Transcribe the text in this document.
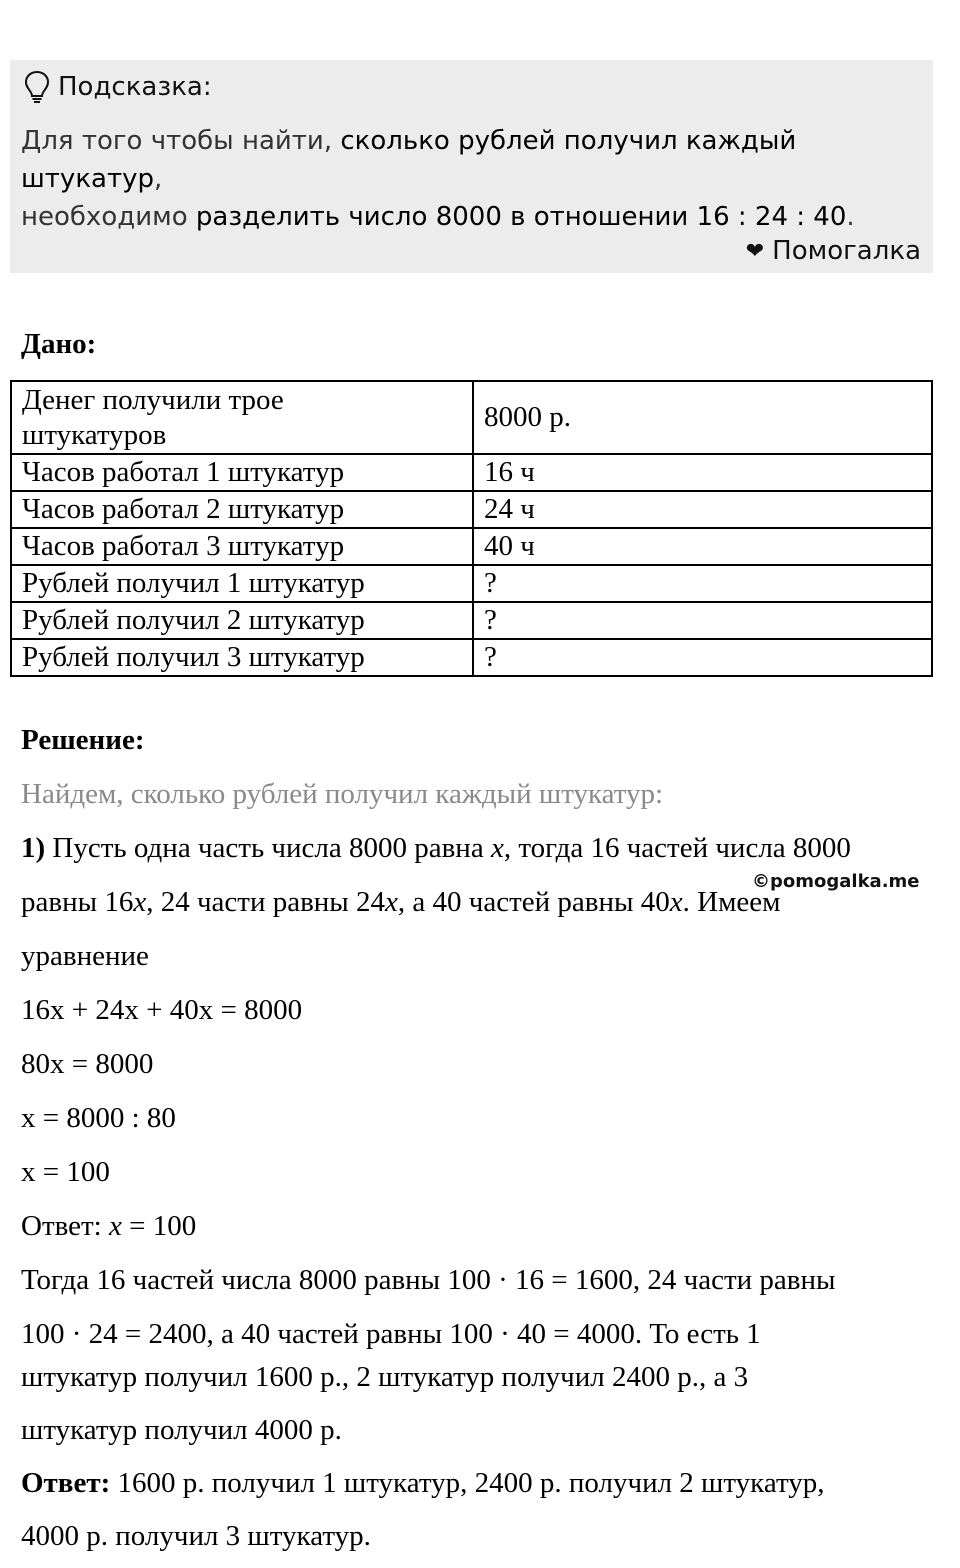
Подсказка:
Для того чтобы найти, сколько рублей получил каждый штукатур,
необходимо разделить число 8000 в отношении 16 : 24 : 40.
❤ Помогалка
Дано:
Денег получили трое
штукатуров	8000 р.
Часов работал 1 штукатур	16 ч
Часов работал 2 штукатур	24 ч
Часов работал 3 штукатур	40 ч
Рублей получил 1 штукатур	?
Рублей получил 2 штукатур	?
Рублей получил 3 штукатур	?
Решение:
Найдем, сколько рублей получил каждый штукатур:
1) Пусть одна часть числа 8000 равна x, тогда 16 частей числа 8000
©pomogalka.me
равны 16x, 24 части равны 24x, а 40 частей равны 40x. Имеем
уравнение
16x + 24x + 40x = 8000
80x = 8000
x = 8000 : 80
x = 100
Ответ: x = 100
Тогда 16 частей числа 8000 равны 100 · 16 = 1600, 24 части равны
100 · 24 = 2400, а 40 частей равны 100 · 40 = 4000. То есть 1
штукатур получил 1600 р., 2 штукатур получил 2400 р., а 3
штукатур получил 4000 р.
Ответ: 1600 р. получил 1 штукатур, 2400 р. получил 2 штукатур,
4000 р. получил 3 штукатур.
